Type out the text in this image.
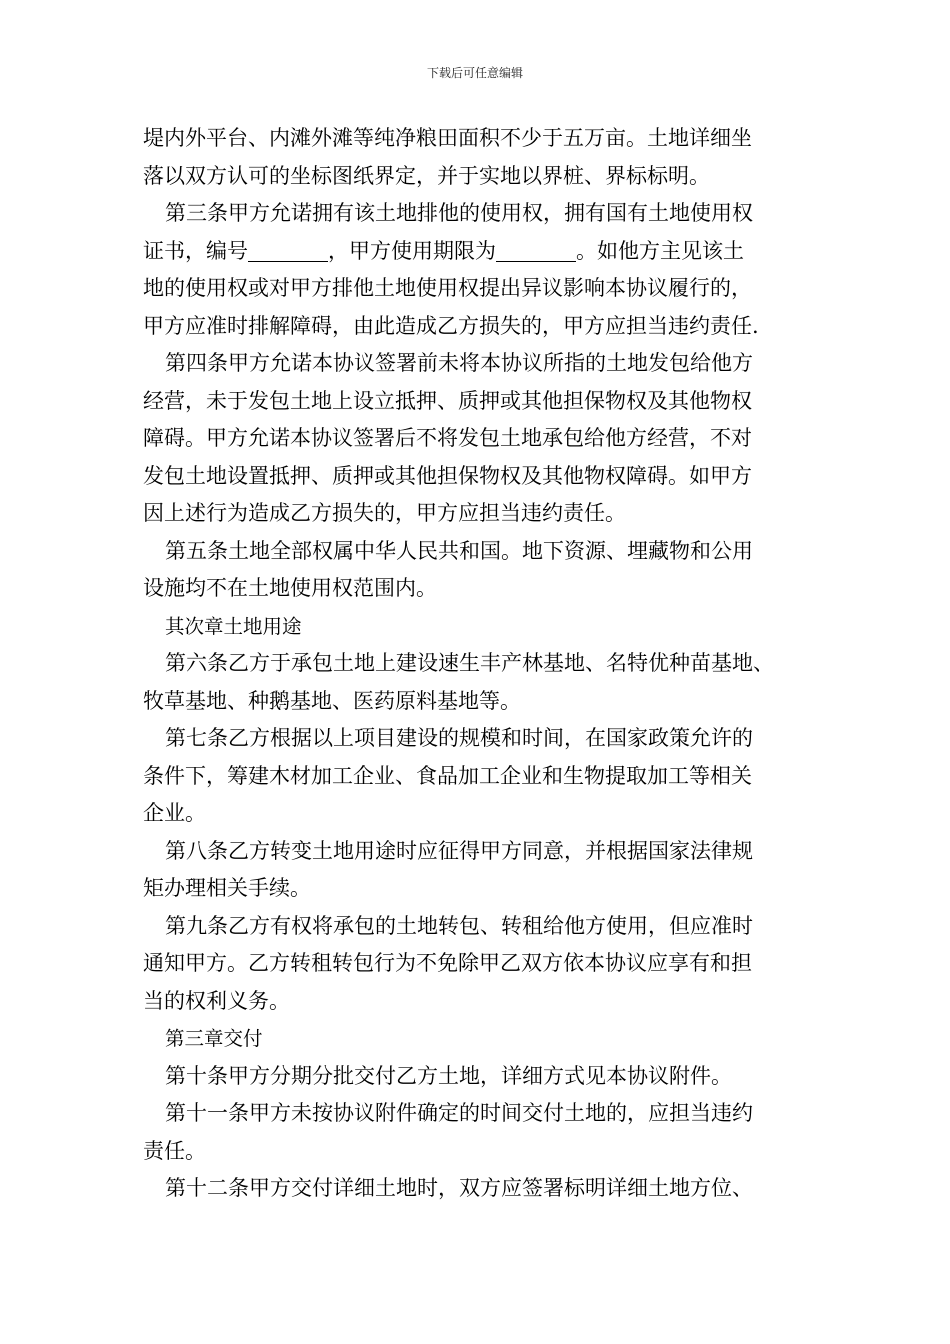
下载后可任意编辑
堤内外平台、内滩外滩等纯净粮田面积不少于五万亩。土地详细坐
落以双方认可的坐标图纸界定，并于实地以界桩、界标标明。
第三条甲方允诺拥有该土地排他的使用权，拥有国有土地使用权
证书，编号	，甲方使用期限为	。如他方主见该土
地的使用权或对甲方排他土地使用权提出异议影响本协议履行的，
甲方应准时排解障碍，由此造成乙方损失的，甲方应担当违约责任.
第四条甲方允诺本协议签署前未将本协议所指的土地发包给他方
经营，未于发包土地上设立抵押、质押或其他担保物权及其他物权
障碍。甲方允诺本协议签署后不将发包土地承包给他方经营，不对
发包土地设置抵押、质押或其他担保物权及其他物权障碍。如甲方
因上述行为造成乙方损失的，甲方应担当违约责任。
第五条土地全部权属中华人民共和国。地下资源、埋藏物和公用
设施均不在土地使用权范围内。
其次章土地用途
第六条乙方于承包土地上建设速生丰产林基地、名特优种苗基地、
牧草基地、种鹅基地、医药原料基地等。
第七条乙方根据以上项目建设的规模和时间，在国家政策允许的
条件下，筹建木材加工企业、食品加工企业和生物提取加工等相关
企业。
第八条乙方转变土地用途时应征得甲方同意，并根据国家法律规
矩办理相关手续。
第九条乙方有权将承包的土地转包、转租给他方使用，但应准时
通知甲方。乙方转租转包行为不免除甲乙双方依本协议应享有和担
当的权利义务。
第三章交付
第十条甲方分期分批交付乙方土地，详细方式见本协议附件。
第十一条甲方未按协议附件确定的时间交付土地的，应担当违约
责任。
第十二条甲方交付详细土地时，双方应签署标明详细土地方位、
